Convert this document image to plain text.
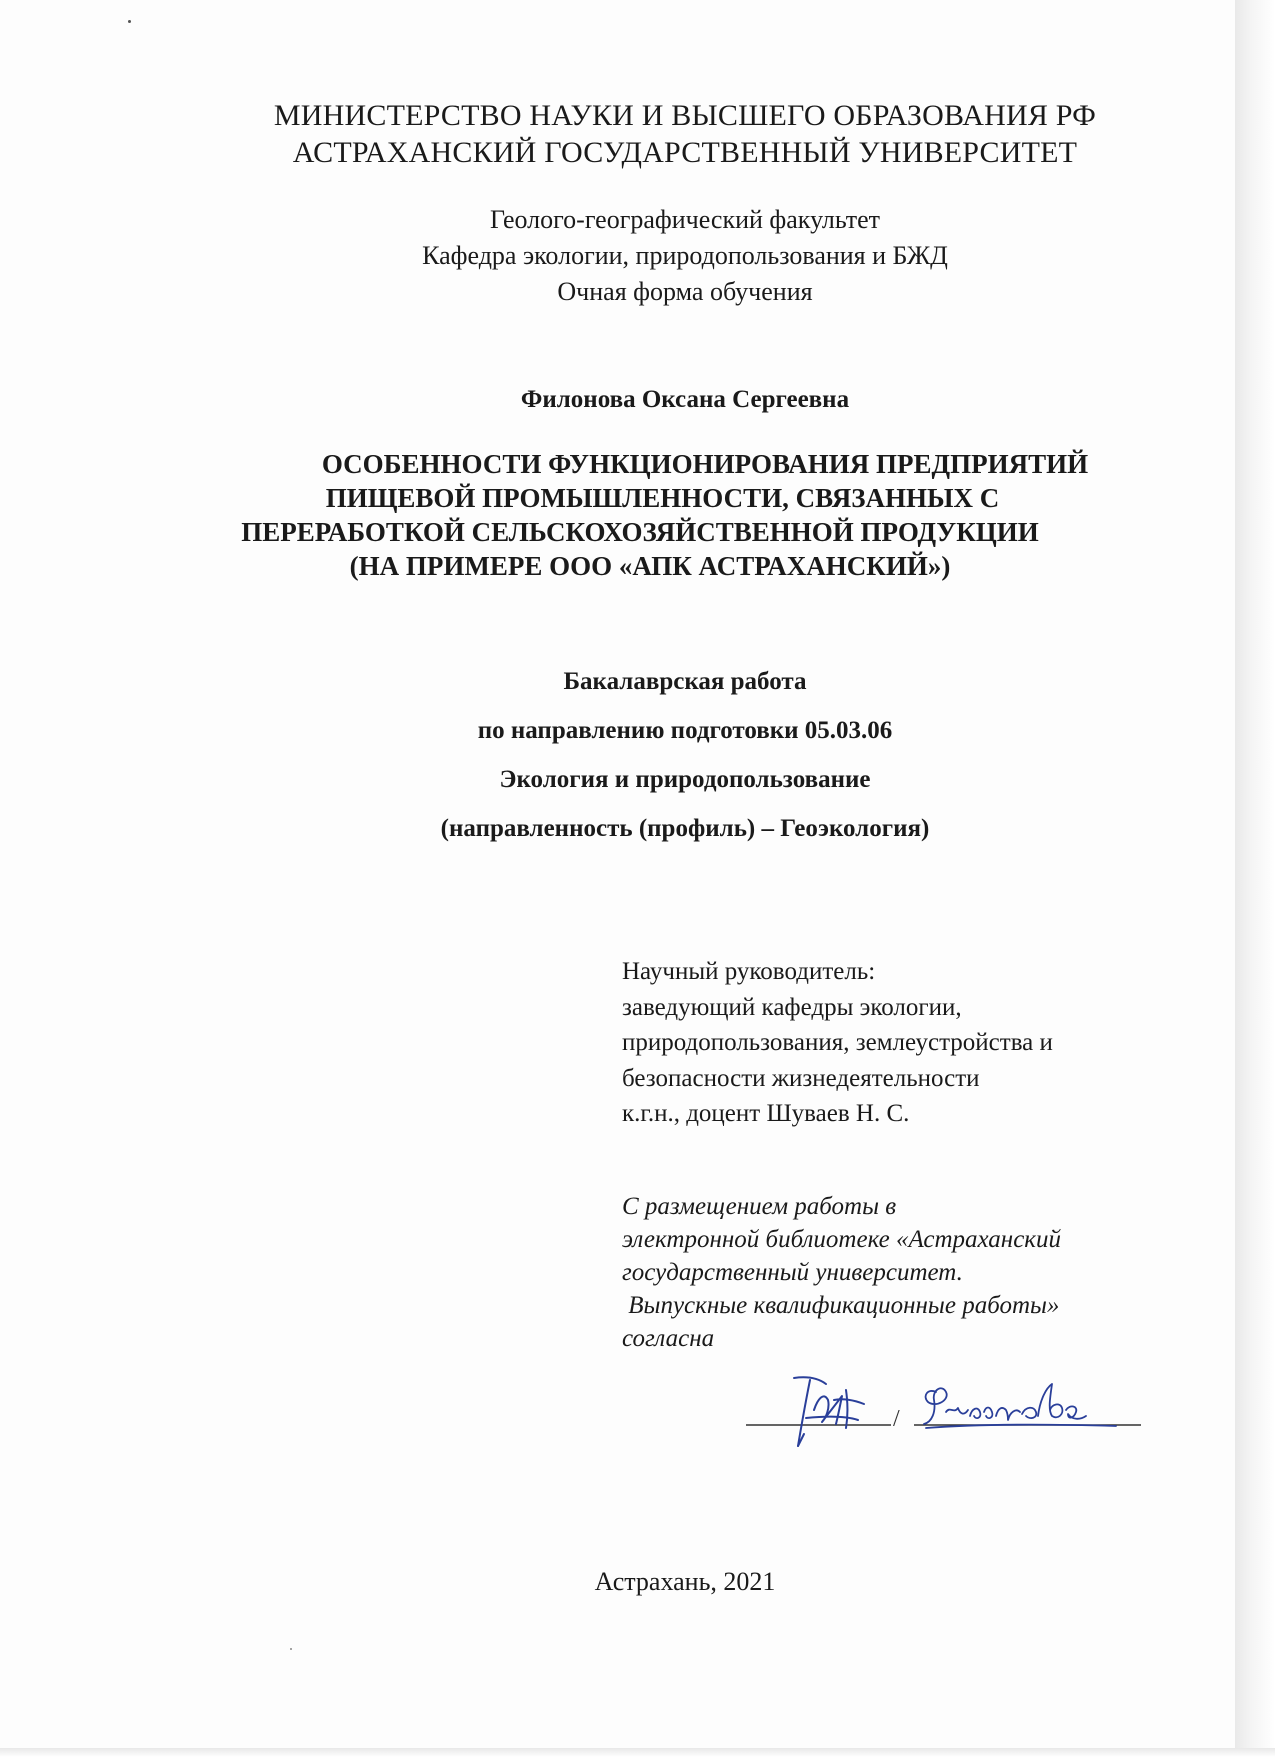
МИНИСТЕРСТВО НАУКИ И ВЫСШЕГО ОБРАЗОВАНИЯ РФ
АСТРАХАНСКИЙ ГОСУДАРСТВЕННЫЙ УНИВЕРСИТЕТ
Геолого-географический факультет
Кафедра экологии, природопользования и БЖД
Очная форма обучения
Филонова Оксана Сергеевна
ОСОБЕННОСТИ ФУНКЦИОНИРОВАНИЯ ПРЕДПРИЯТИЙ
ПИЩЕВОЙ ПРОМЫШЛЕННОСТИ, СВЯЗАННЫХ С
ПЕРЕРАБОТКОЙ СЕЛЬСКОХОЗЯЙСТВЕННОЙ ПРОДУКЦИИ
(НА ПРИМЕРЕ ООО «АПК АСТРАХАНСКИЙ»)
Бакалаврская работа
по направлению подготовки 05.03.06
Экология и природопользование
(направленность (профиль) – Геоэкология)
Научный руководитель:
заведующий кафедры экологии,
природопользования, землеустройства и
безопасности жизнедеятельности
к.г.н., доцент Шуваев Н. С.
С размещением работы в
электронной библиотеке «Астраханский
государственный университет.
Выпускные квалификационные работы»
согласна
/
Астрахань, 2021
